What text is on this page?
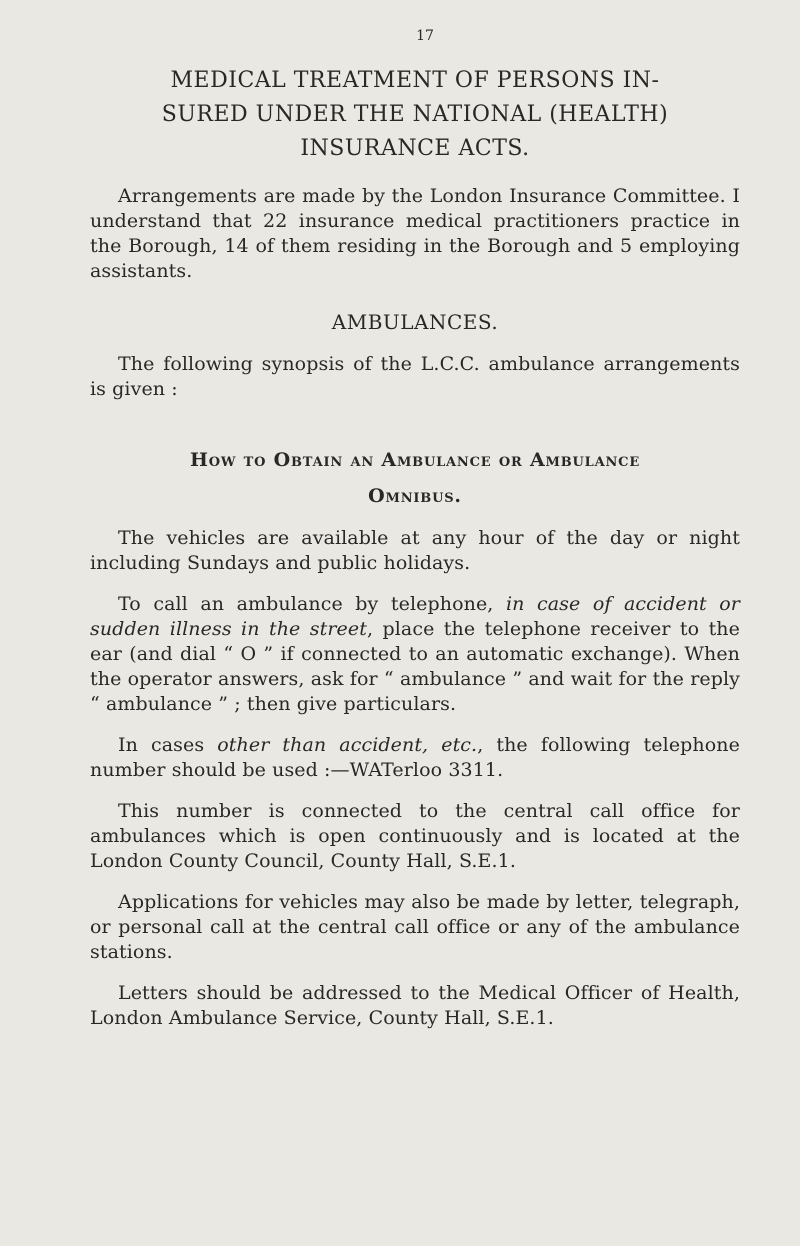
17
MEDICAL TREATMENT OF PERSONS IN-
SURED UNDER THE NATIONAL (HEALTH)
INSURANCE ACTS.

Arrangements are made by the London Insurance Committee. I understand that 22 insurance medical practitioners practice in the Borough, 14 of them residing in the Borough and 5 employing assistants.

AMBULANCES.

The following synopsis of the L.C.C. ambulance arrangements is given :

How to Obtain an Ambulance or Ambulance
Omnibus.

The vehicles are available at any hour of the day or night including Sundays and public holidays.

To call an ambulance by telephone, in case of accident or sudden illness in the street, place the telephone receiver to the ear (and dial “ O ” if connected to an automatic exchange). When the operator answers, ask for “ ambulance ” and wait for the reply “ ambulance ” ; then give particulars.

In cases other than accident, etc., the following telephone number should be used :—WATerloo 3311.

This number is connected to the central call office for ambulances which is open continuously and is located at the London County Council, County Hall, S.E.1.

Applications for vehicles may also be made by letter, telegraph, or personal call at the central call office or any of the ambulance stations.

Letters should be addressed to the Medical Officer of Health, London Ambulance Service, County Hall, S.E.1.
